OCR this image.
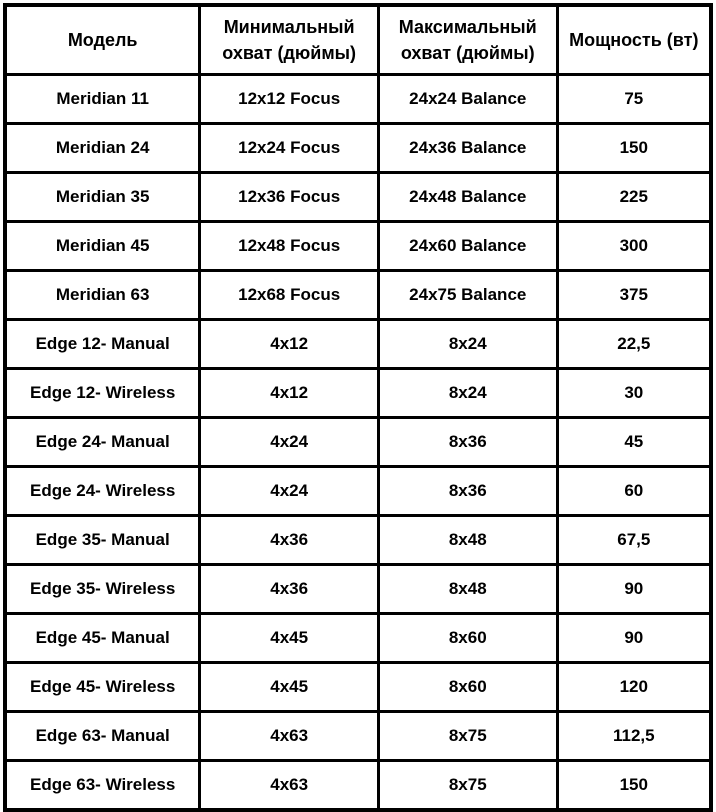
Модель	Минимальный охват (дюймы)	Максимальный охват (дюймы)	Мощность (вт)
Meridian 11	12x12 Focus	24x24 Balance	75
Meridian 24	12x24 Focus	24x36 Balance	150
Meridian 35	12x36 Focus	24x48 Balance	225
Meridian 45	12x48 Focus	24x60 Balance	300
Meridian 63	12x68 Focus	24x75 Balance	375
Edge 12- Manual	4x12	8x24	22,5
Edge 12- Wireless	4x12	8x24	30
Edge 24- Manual	4x24	8x36	45
Edge 24- Wireless	4x24	8x36	60
Edge 35- Manual	4x36	8x48	67,5
Edge 35- Wireless	4x36	8x48	90
Edge 45- Manual	4x45	8x60	90
Edge 45- Wireless	4x45	8x60	120
Edge 63- Manual	4x63	8x75	112,5
Edge 63- Wireless	4x63	8x75	150
